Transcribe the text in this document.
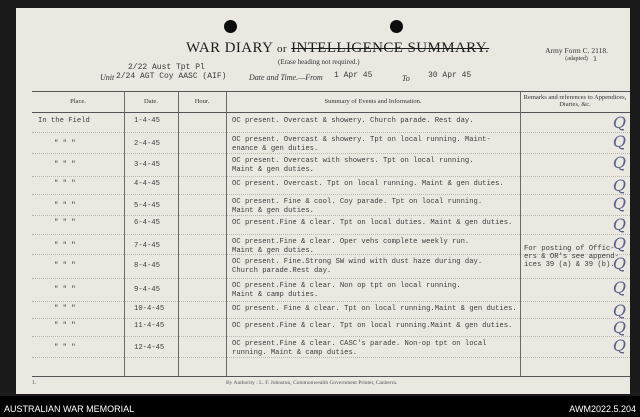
WAR DIARY or INTELLIGENCE SUMMARY.
(Erase heading not required.)
Army Form C. 2118.
(adapted) ¹
2/22 Aust Tpt Pl
Unit 2/24 AGT Coy AASC (AIF)	Date and Time.—From 1 Apr 45	To 30 Apr 45
Place.	Date.	Hour.	Summary of Events and Information.
Remarks and references to Appendices, Diaries, &c.
In the Field	1-4-45	OC present. Overcast & showery. Church parade. Rest day.	Q
" " "	2-4-45	OC present. Overcast & showery. Tpt on local running. Maint-
enance & gen duties.	Q
" " "	3-4-45	OC present. Overcast with showers. Tpt on local running.
Maint & gen duties.	Q
" " "	4-4-45	OC present. Overcast. Tpt on local running. Maint & gen duties.	Q
" " "	5-4-45	OC present. Fine & cool. Coy parade. Tpt on local running.
Maint & gen duties.	Q
" " "	6-4-45	OC present.Fine & clear. Tpt on local duties. Maint & gen duties.	Q
" " "	7-4-45	OC present.Fine & clear. Oper vehs complete weekly run.
Maint & gen duties.	Q
" " "	8-4-45	OC present. Fine.Strong SW wind with dust haze during day.
Church parade.Rest day.	Q
" " "	9-4-45	OC present.Fine & clear. Non op tpt on local running.
Maint & camp duties.	Q
" " "	10-4-45	OC present. Fine & clear. Tpt on local running.Maint & gen duties.	Q
" " "	11-4-45	OC present.Fine & clear. Tpt on local running.Maint & gen duties.	Q
" " "	12-4-45	OC present.Fine & clear. CASC's parade. Non-op tpt on local
running. Maint & camp duties.	Q
For posting of Offic-
ers & OR's see append-
ices 39 (a) & 39 (b).
1.	By Authority : L. F. Johnston, Commonwealth Government Printer, Canberra.
AUSTRALIAN WAR MEMORIAL	AWM2022.5.204
